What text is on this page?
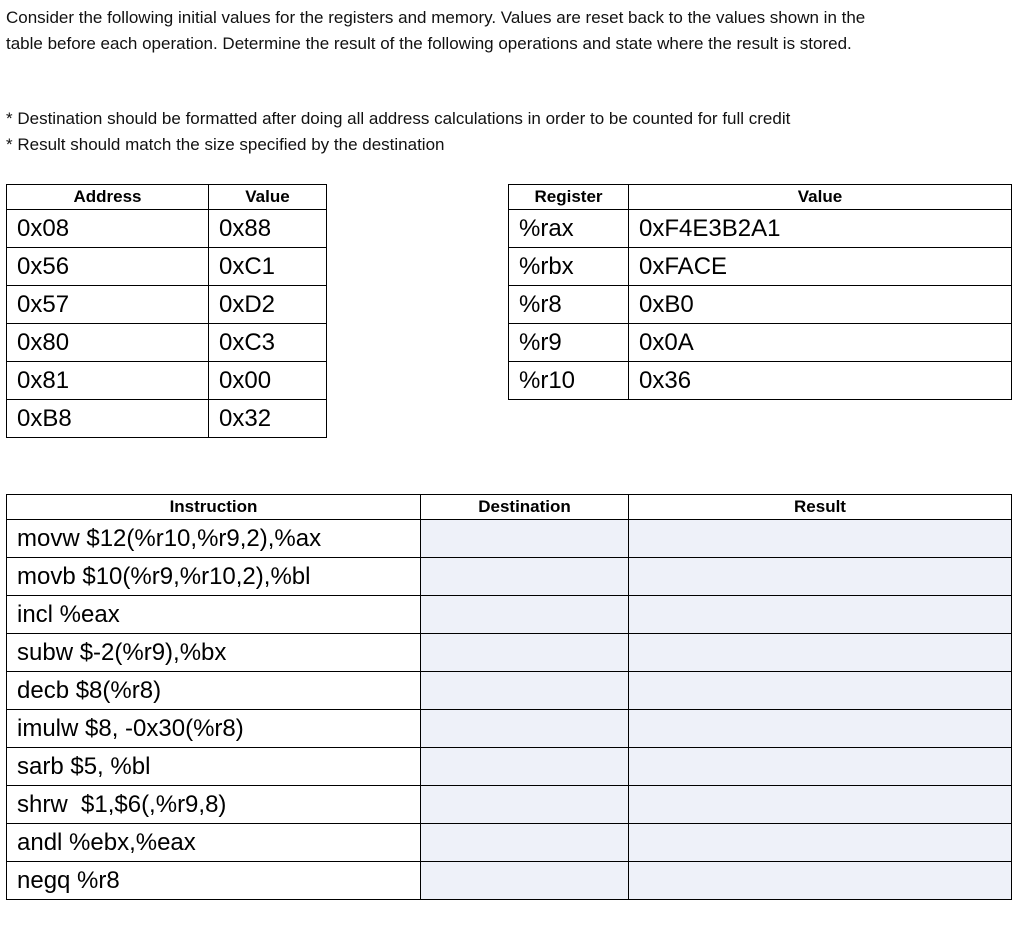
Consider the following initial values for the registers and memory. Values are reset back to the values shown in the table before each operation. Determine the result of the following operations and state where the result is stored.
* Destination should be formatted after doing all address calculations in order to be counted for full credit
* Result should match the size specified by the destination
Address	Value
0x08	0x88
0x56	0xC1
0x57	0xD2
0x80	0xC3
0x81	0x00
0xB8	0x32
Register	Value
%rax	0xF4E3B2A1
%rbx	0xFACE
%r8	0xB0
%r9	0x0A
%r10	0x36
Instruction	Destination	Result
movw $12(%r10,%r9,2),%ax		
movb $10(%r9,%r10,2),%bl		
incl %eax		
subw $-2(%r9),%bx		
decb $8(%r8)		
imulw $8, -0x30(%r8)		
sarb $5, %bl		
shrw  $1,$6(,%r9,8)		
andl %ebx,%eax		
negq %r8		
